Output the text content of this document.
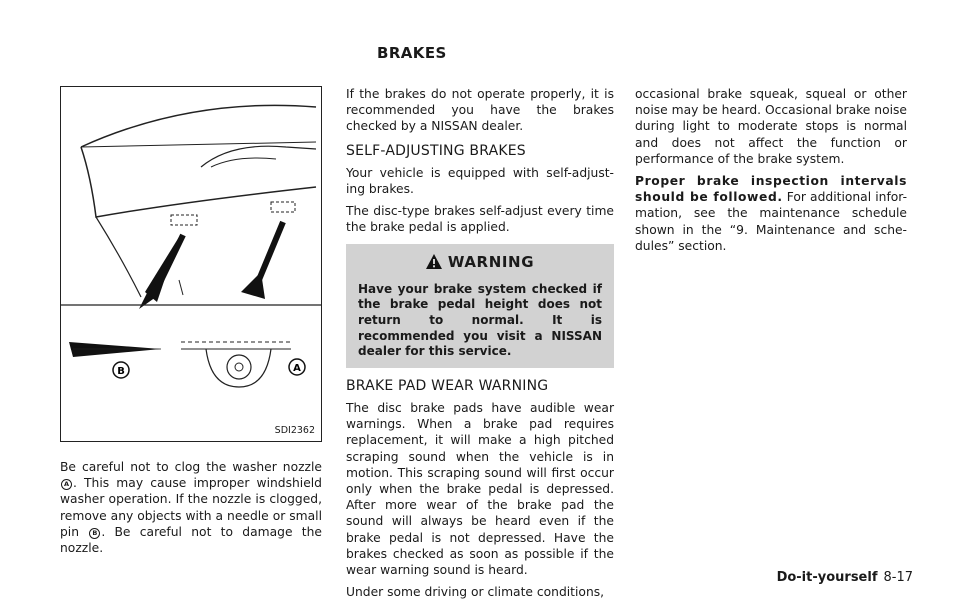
BRAKES
B	A
SDI2362

Be careful not to clog the washer nozzle A . This may cause improper windshield washer operation. If the nozzle is clogged, remove any objects with a needle or small pin B . Be careful not to damage the nozzle.

If the brakes do not operate properly, it is recommended you have the brakes checked by a NISSAN dealer.

SELF-ADJUSTING BRAKES

Your vehicle is equipped with self-adjust-ing brakes.

The disc-type brakes self-adjust every time the brake pedal is applied.

WARNING
Have your brake system checked if the brake pedal height does not return to normal. It is recommended you visit a NISSAN dealer for this service.
BRAKE PAD WEAR WARNING

The disc brake pads have audible wear warnings. When a brake pad requires replacement, it will make a high pitched scraping sound when the vehicle is in motion. This scraping sound will first occur only when the brake pedal is depressed. After more wear of the brake pad the sound will always be heard even if the brake pedal is not depressed. Have the brakes checked as soon as possible if the wear warning sound is heard.

Under some driving or climate conditions,

occasional brake squeak, squeal or other noise may be heard. Occasional brake noise during light to moderate stops is normal and does not affect the function or performance of the brake system.

Proper brake inspection intervals should be followed. For additional infor-mation, see the maintenance schedule shown in the “9. Maintenance and sche-dules” section.

Do-it-yourself 8-17
